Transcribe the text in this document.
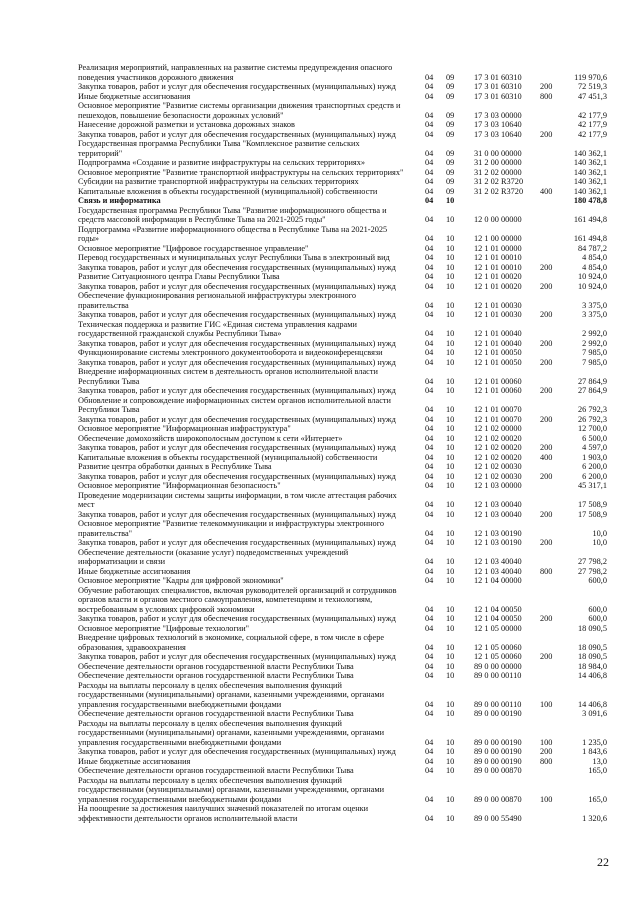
Реализация мероприятий, направленных на развитие системы предупреждения опасного
поведения участников дорожного движения	04 09 17 3 01 60310	119 970,6
Закупка товаров, работ и услуг для обеспечения государственных (муниципальных) нужд	04 09 17 3 01 60310 200	72 519,3
Иные бюджетные ассигнования	04 09 17 3 01 60310 800	47 451,3
Основное мероприятие "Развитие системы организации движения транспортных средств и
пешеходов, повышение безопасности дорожных условий"	04 09 17 3 03 00000	42 177,9
Нанесение дорожной разметки и установка дорожных знаков	04 09 17 3 03 10640	42 177,9
Закупка товаров, работ и услуг для обеспечения государственных (муниципальных) нужд	04 09 17 3 03 10640 200	42 177,9
Государственная программа Республики Тыва "Комплексное развитие сельских
территорий"	04 09 31 0 00 00000	140 362,1
Подпрограмма «Создание и развитие инфраструктуры на сельских территориях»	04 09 31 2 00 00000	140 362,1
Основное мероприятие "Развитие транспортной инфраструктуры на сельских территориях"	04 09 31 2 02 00000	140 362,1
Субсидии на развитие транспортной инфраструктуры на сельских территориях	04 09 31 2 02 R3720	140 362,1
Капитальные вложения в объекты государственной (муниципальной) собственности	04 09 31 2 02 R3720 400	140 362,1
Связь и информатика	04 10	180 478,8
Государственная программа Республики Тыва "Развитие информационного общества и
средств массовой информации в Республике Тыва на 2021-2025 годы"	04 10 12 0 00 00000	161 494,8
Подпрограмма «Развитие информационного общества в Республике Тыва на 2021-2025
годы»	04 10 12 1 00 00000	161 494,8
Основное мероприятие "Цифровое государственное управление"	04 10 12 1 01 00000	84 787,2
Перевод государственных и муниципальных услуг Республики Тыва в электронный вид	04 10 12 1 01 00010	4 854,0
Закупка товаров, работ и услуг для обеспечения государственных (муниципальных) нужд	04 10 12 1 01 00010 200	4 854,0
Развитие Ситуационного центра Главы Республики Тыва	04 10 12 1 01 00020	10 924,0
Закупка товаров, работ и услуг для обеспечения государственных (муниципальных) нужд	04 10 12 1 01 00020 200	10 924,0
Обеспечение функционирования региональной инфраструктуры электронного
правительства	04 10 12 1 01 00030	3 375,0
Закупка товаров, работ и услуг для обеспечения государственных (муниципальных) нужд	04 10 12 1 01 00030 200	3 375,0
Техническая поддержка и развитие ГИС «Единая система управления кадрами
государственной гражданской службы Республики Тыва»	04 10 12 1 01 00040	2 992,0
Закупка товаров, работ и услуг для обеспечения государственных (муниципальных) нужд	04 10 12 1 01 00040 200	2 992,0
Функционирование системы электронного документооборота и видеоконференцсвязи	04 10 12 1 01 00050	7 985,0
Закупка товаров, работ и услуг для обеспечения государственных (муниципальных) нужд	04 10 12 1 01 00050 200	7 985,0
Внедрение информационных систем в деятельность органов исполнительной власти
Республики Тыва	04 10 12 1 01 00060	27 864,9
Закупка товаров, работ и услуг для обеспечения государственных (муниципальных) нужд	04 10 12 1 01 00060 200	27 864,9
Обновление и сопровождение информационных систем органов исполнительной власти
Республики Тыва	04 10 12 1 01 00070	26 792,3
Закупка товаров, работ и услуг для обеспечения государственных (муниципальных) нужд	04 10 12 1 01 00070 200	26 792,3
Основное мероприятие "Информационная инфраструктура"	04 10 12 1 02 00000	12 700,0
Обеспечение домохозяйств широкополосным доступом к сети «Интернет»	04 10 12 1 02 00020	6 500,0
Закупка товаров, работ и услуг для обеспечения государственных (муниципальных) нужд	04 10 12 1 02 00020 200	4 597,0
Капитальные вложения в объекты государственной (муниципальной) собственности	04 10 12 1 02 00020 400	1 903,0
Развитие центра обработки данных в Республике Тыва	04 10 12 1 02 00030	6 200,0
Закупка товаров, работ и услуг для обеспечения государственных (муниципальных) нужд	04 10 12 1 02 00030 200	6 200,0
Основное мероприятие "Информационная безопасность"	04 10 12 1 03 00000	45 317,1
Проведение модернизации системы защиты информации, в том числе аттестация рабочих
мест	04 10 12 1 03 00040	17 508,9
Закупка товаров, работ и услуг для обеспечения государственных (муниципальных) нужд	04 10 12 1 03 00040 200	17 508,9
Основное мероприятие "Развитие телекоммуникации и инфраструктуры электронного
правительства"	04 10 12 1 03 00190	10,0
Закупка товаров, работ и услуг для обеспечения государственных (муниципальных) нужд	04 10 12 1 03 00190 200	10,0
Обеспечение деятельности (оказание услуг) подведомственных учреждений
информатизации и связи	04 10 12 1 03 40040	27 798,2
Иные бюджетные ассигнования	04 10 12 1 03 40040 800	27 798,2
Основное мероприятие "Кадры для цифровой экономики"	04 10 12 1 04 00000	600,0
Обучение работающих специалистов, включая руководителей организаций и сотрудников
органов власти и органов местного самоуправления, компетенциям и технологиям,
востребованным в условиях цифровой экономики	04 10 12 1 04 00050	600,0
Закупка товаров, работ и услуг для обеспечения государственных (муниципальных) нужд	04 10 12 1 04 00050 200	600,0
Основное мероприятие "Цифровые технологии"	04 10 12 1 05 00000	18 090,5
Внедрение цифровых технологий в экономике, социальной сфере, в том числе в сфере
образования, здравоохранения	04 10 12 1 05 00060	18 090,5
Закупка товаров, работ и услуг для обеспечения государственных (муниципальных) нужд	04 10 12 1 05 00060 200	18 090,5
Обеспечение деятельности органов государственной власти Республики Тыва	04 10 89 0 00 00000	18 984,0
Обеспечение деятельности органов государственной власти Республики Тыва	04 10 89 0 00 00110	14 406,8
Расходы на выплаты персоналу в целях обеспечения выполнения функций
государственными (муниципальными) органами, казенными учреждениями, органами
управления государственными внебюджетными фондами	04 10 89 0 00 00110 100	14 406,8
Обеспечение деятельности органов государственной власти Республики Тыва	04 10 89 0 00 00190	3 091,6
Расходы на выплаты персоналу в целях обеспечения выполнения функций
государственными (муниципальными) органами, казенными учреждениями, органами
управления государственными внебюджетными фондами	04 10 89 0 00 00190 100	1 235,0
Закупка товаров, работ и услуг для обеспечения государственных (муниципальных) нужд	04 10 89 0 00 00190 200	1 843,6
Иные бюджетные ассигнования	04 10 89 0 00 00190 800	13,0
Обеспечение деятельности органов государственной власти Республики Тыва	04 10 89 0 00 00870	165,0
Расходы на выплаты персоналу в целях обеспечения выполнения функций
государственными (муниципальными) органами, казенными учреждениями, органами
управления государственными внебюджетными фондами	04 10 89 0 00 00870 100	165,0
На поощрение за достижения наилучших значений показателей по итогам оценки
эффективности деятельности органов исполнительной власти	04 10 89 0 00 55490	1 320,6
22
